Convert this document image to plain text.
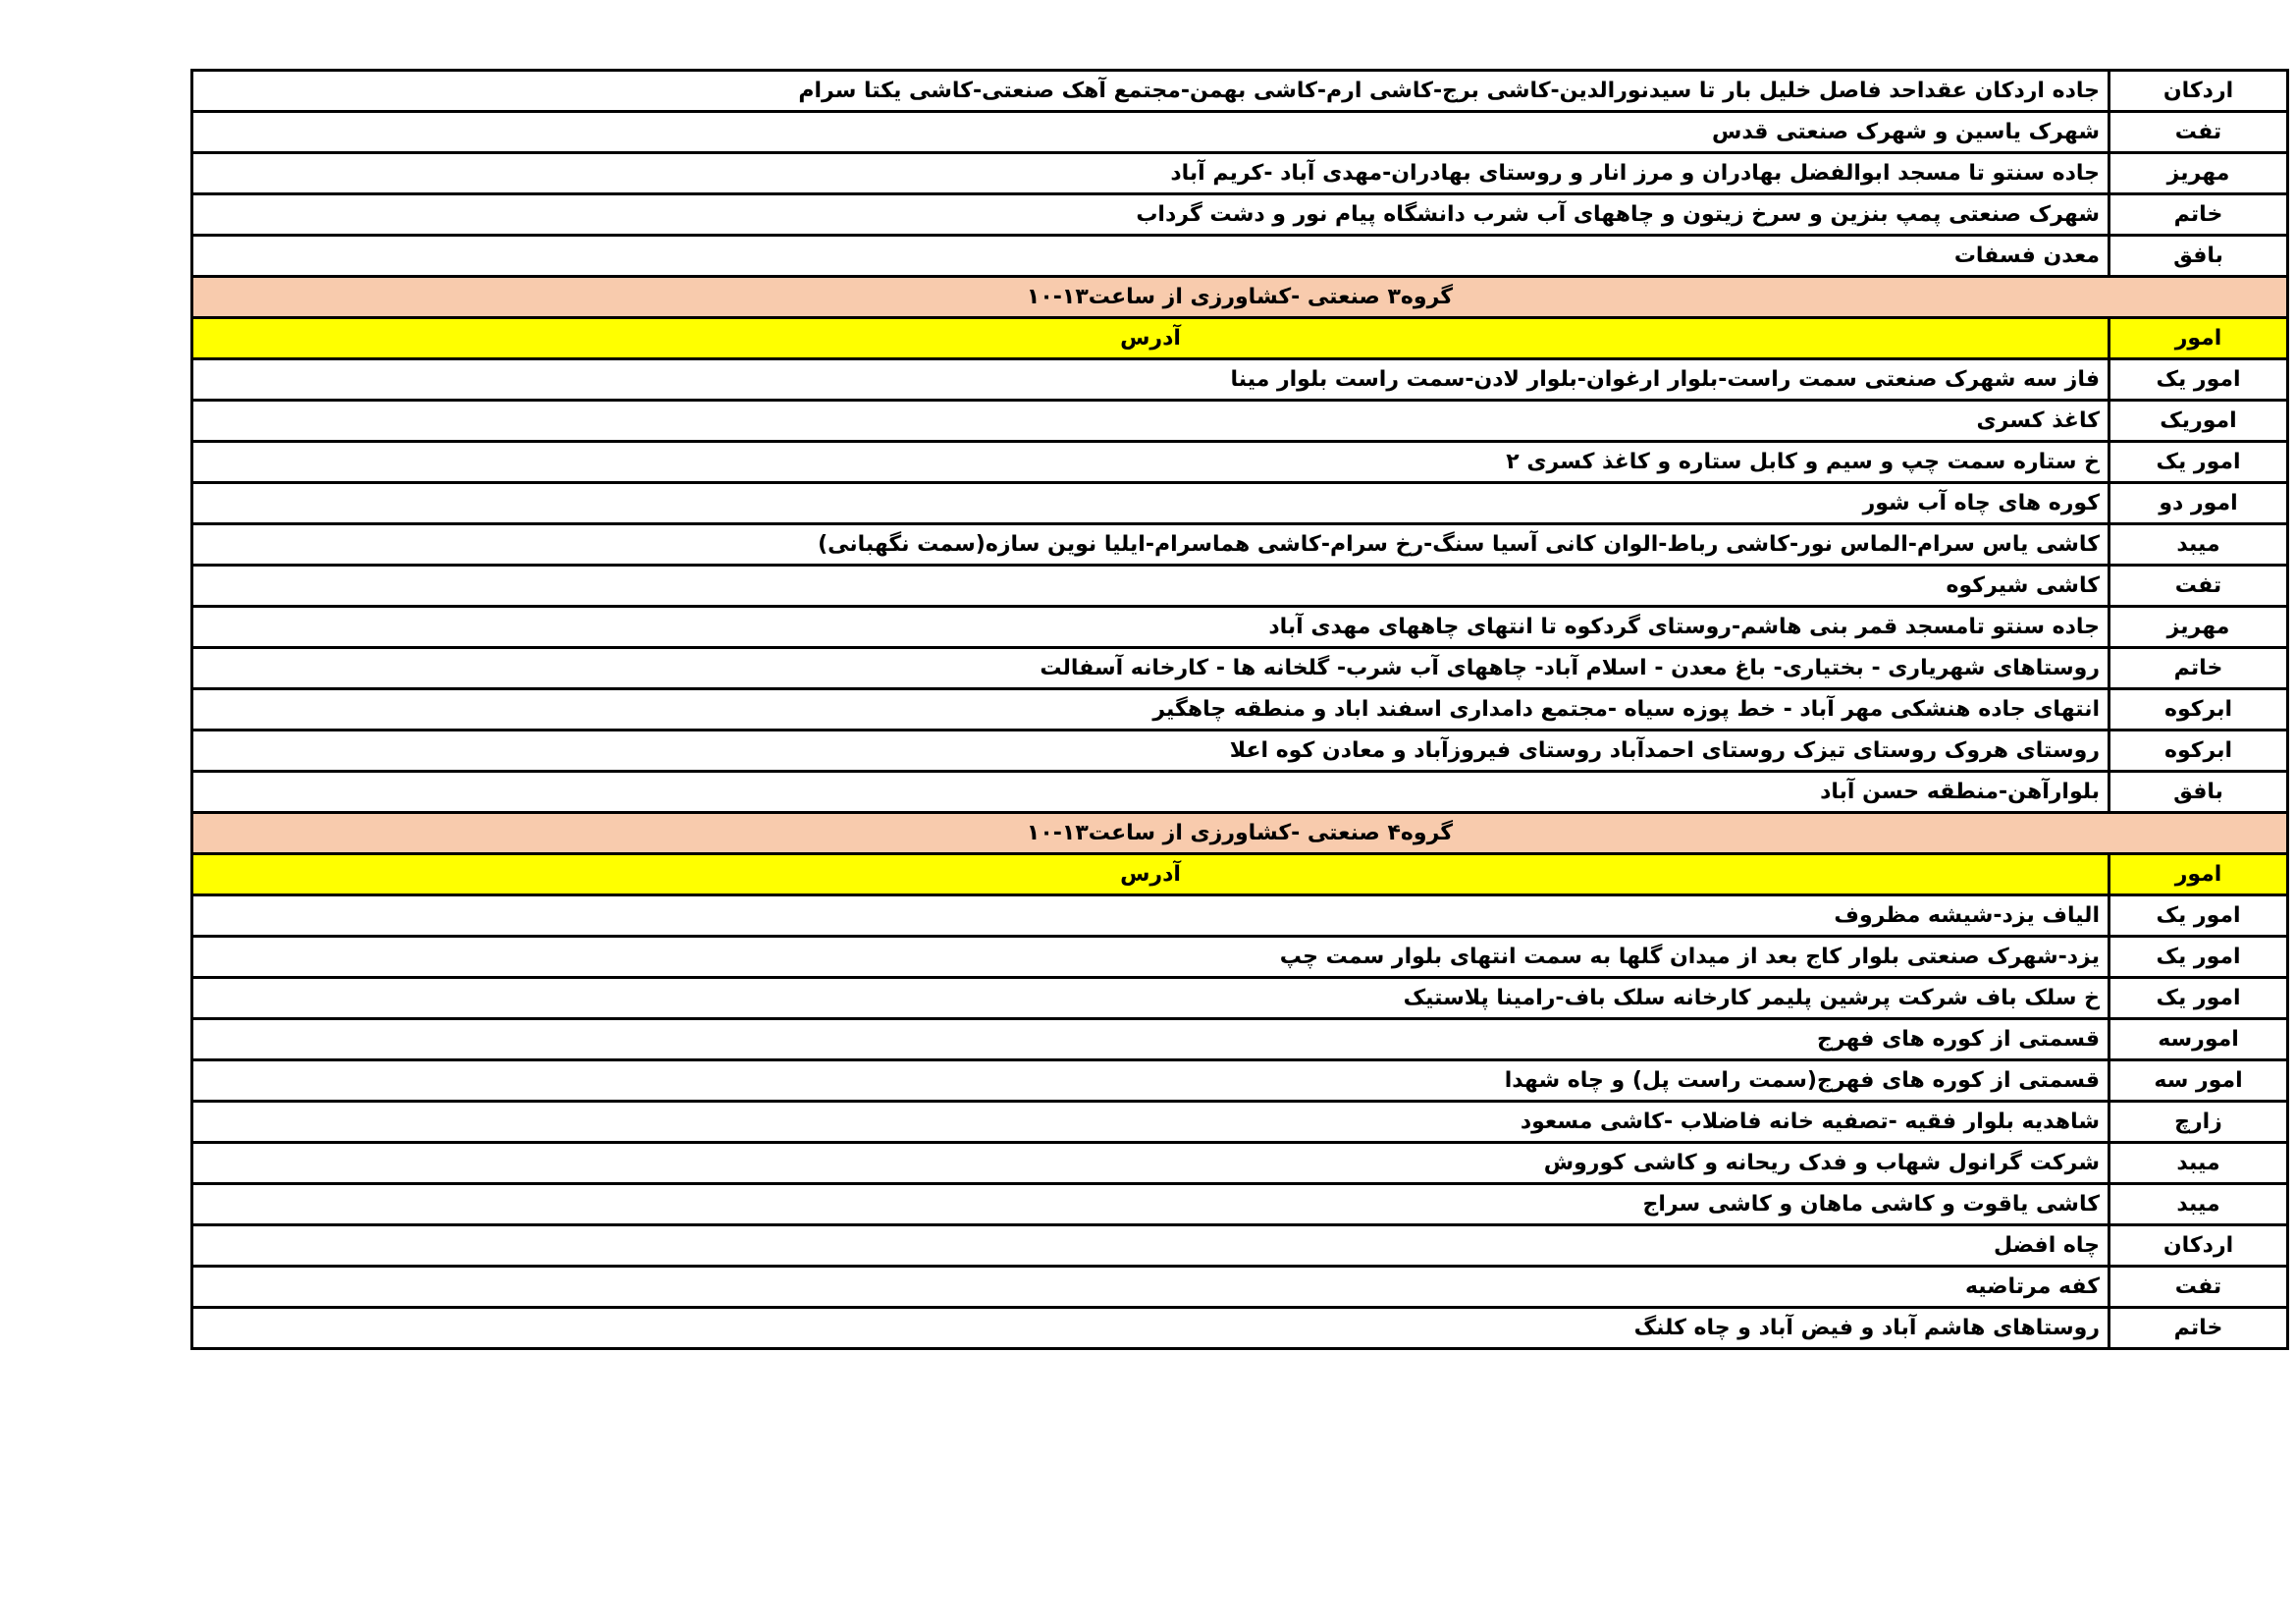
اردکان	جاده اردکان عقداحد فاصل خلیل بار تا سیدنورالدین-کاشی برج-کاشی ارم-کاشی بهمن-مجتمع آهک صنعتی-کاشی یکتا سرام
تفت	شهرک یاسین و شهرک صنعتی قدس
مهریز	جاده سنتو تا مسجد ابوالفضل بهادران و مرز انار و روستای بهادران-مهدی آباد -کریم آباد
خاتم	شهرک صنعتی پمپ بنزین و سرخ زیتون و چاههای آب شرب دانشگاه پیام نور و دشت گرداب
بافق	معدن فسفات
گروه۳ صنعتی -کشاورزی از ساعت۱۳-۱۰	
امور	آدرس
امور یک	فاز سه شهرک صنعتی سمت راست-بلوار ارغوان-بلوار لادن-سمت راست بلوار مینا
اموریک	کاغذ کسری
امور یک	خ ستاره سمت چپ و سیم و کابل ستاره و کاغذ کسری ۲
امور دو	کوره های چاه آب شور
میبد	کاشی یاس سرام-الماس نور-کاشی رباط-الوان کانی آسیا سنگ-رخ سرام-کاشی هماسرام-ایلیا نوین سازه(سمت نگهبانی)
تفت	کاشی شیرکوه
مهریز	جاده سنتو تامسجد قمر بنی هاشم-روستای گردکوه تا انتهای چاههای مهدی آباد
خاتم	روستاهای شهریاری - بختیاری- باغ معدن - اسلام آباد- چاههای آب شرب- گلخانه ها - کارخانه آسفالت
ابرکوه	انتهای جاده هنشکی مهر آباد - خط پوزه سیاه -مجتمع دامداری اسفند اباد و منطقه چاهگیر
ابرکوه	روستای هروک روستای تیزک روستای احمدآباد روستای فیروزآباد و معادن کوه اعلا
بافق	بلوارآهن-منطقه حسن آباد
گروه۴ صنعتی -کشاورزی از ساعت۱۳-۱۰	
امور	آدرس
امور یک	الیاف یزد-شیشه مظروف
امور یک	یزد-شهرک صنعتی بلوار کاج بعد از میدان گلها به سمت انتهای بلوار سمت چپ
امور یک	خ سلک باف شرکت پرشین پلیمر کارخانه سلک باف-رامینا پلاستیک
امورسه	قسمتی از کوره های فهرج
امور سه	قسمتی از کوره های فهرج(سمت راست پل) و چاه شهدا
زارچ	شاهدیه بلوار فقیه -تصفیه خانه فاضلاب -کاشی مسعود
میبد	شرکت گرانول شهاب و فدک ریحانه و کاشی کوروش
میبد	کاشی یاقوت و کاشی ماهان و کاشی سراج
اردکان	چاه افضل
تفت	کفه مرتاضیه
خاتم	روستاهای هاشم آباد و فیض آباد و چاه کلنگ
